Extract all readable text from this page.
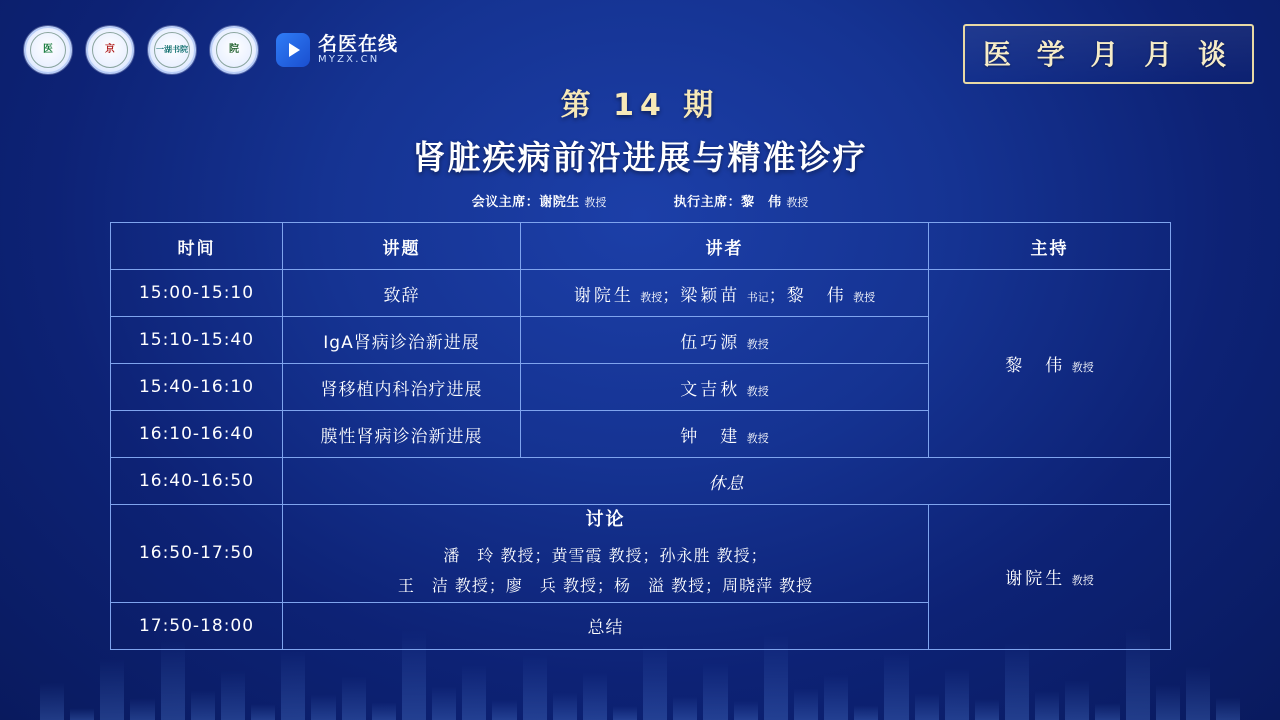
医	京	一湖书院	院	名医在线
MYZX.CN	医 学 月 月 谈
第 14 期
肾脏疾病前沿进展与精准诊疗
会议主席：谢院生 教授	执行主席：黎　伟 教授
时间	讲题	讲者	主持
15:00-15:10	致辞	谢院生 教授；梁颖苗 书记；黎　伟 教授	黎　伟 教授
15:10-15:40	IgA肾病诊治新进展	伍巧源 教授	
15:40-16:10	肾移植内科治疗进展	文吉秋 教授	
16:10-16:40	膜性肾病诊治新进展	钟　建 教授	
16:40-16:50	休息		
16:50-17:50	讨论
潘　玲 教授；黄雪霞 教授；孙永胜 教授；
王　洁 教授；廖　兵 教授；杨　溢 教授；周晓萍 教授		谢院生 教授
17:50-18:00	总结		
